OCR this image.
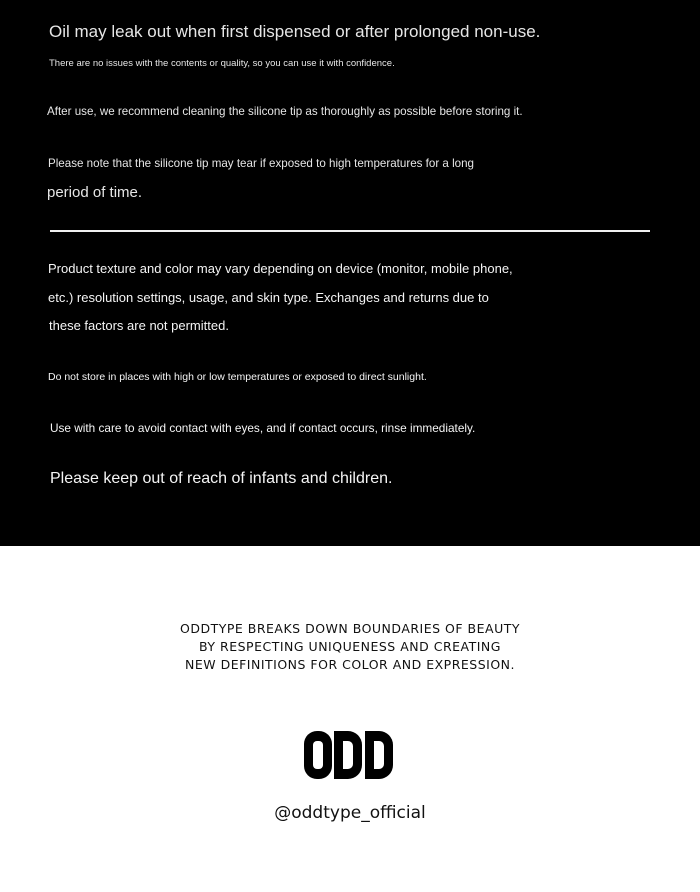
Oil may leak out when first dispensed or after prolonged non-use.

There are no issues with the contents or quality, so you can use it with confidence.

After use, we recommend cleaning the silicone tip as thoroughly as possible before storing it.

Please note that the silicone tip may tear if exposed to high temperatures for a long

period of time.

Product texture and color may vary depending on device (monitor, mobile phone,

etc.) resolution settings, usage, and skin type. Exchanges and returns due to

these factors are not permitted.

Do not store in places with high or low temperatures or exposed to direct sunlight.

Use with care to avoid contact with eyes, and if contact occurs, rinse immediately.

Please keep out of reach of infants and children.

ODDTYPE BREAKS DOWN BOUNDARIES OF BEAUTY
BY RESPECTING UNIQUENESS AND CREATING
NEW DEFINITIONS FOR COLOR AND EXPRESSION.
@oddtype_official
